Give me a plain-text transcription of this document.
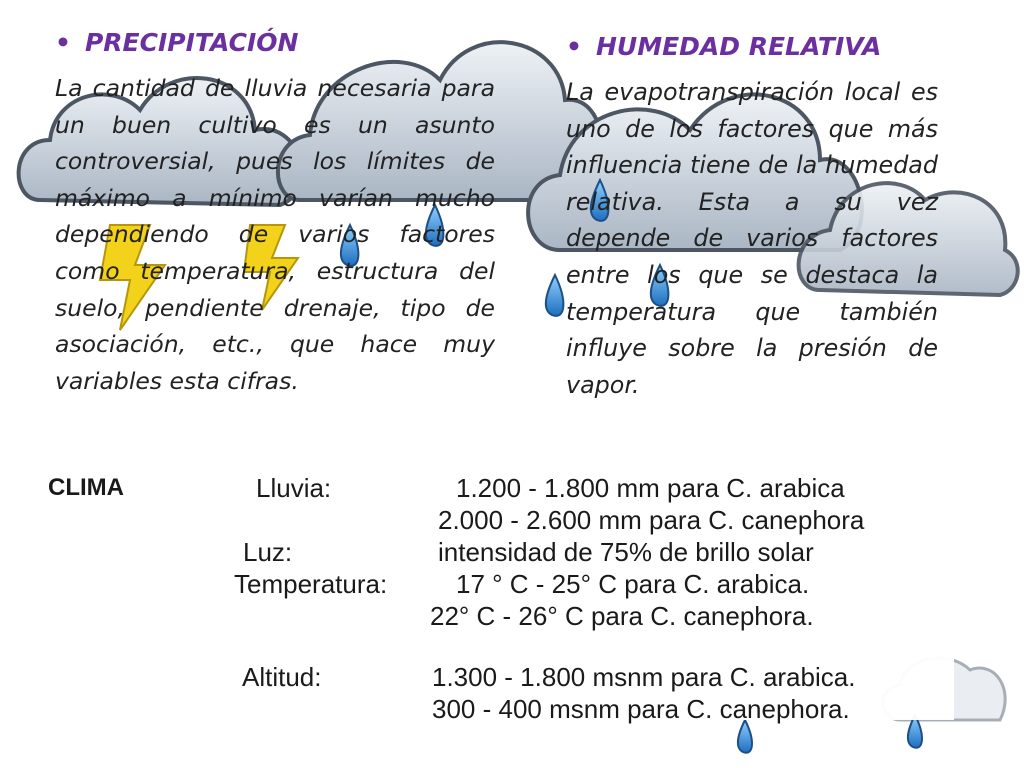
• PRECIPITACIÓN

La cantidad de lluvia necesaria para un buen cultivo es un asunto controversial, pues los límites de máximo a mínimo varían mucho dependiendo de varios factores como temperatura, estructura del suelo, pendiente drenaje, tipo de asociación, etc., que hace muy variables esta cifras.

• HUMEDAD RELATIVA

La evapotranspiración local es uno de los factores que más influencia tiene de la humedad relativa. Esta a su vez depende de varios factores entre los que se destaca la temperatura que también influye sobre la presión de vapor.

CLIMA	Lluvia:	1.200 - 1.800 mm para C. arabica
2.000 - 2.600 mm para C. canephora
Luz:	intensidad de 75% de brillo solar
Temperatura:	17 ° C - 25° C para C. arabica.
22° C - 26° C para C. canephora.
Altitud:	1.300 - 1.800 msnm para C. arabica.
300 - 400 msnm para C. canephora.
